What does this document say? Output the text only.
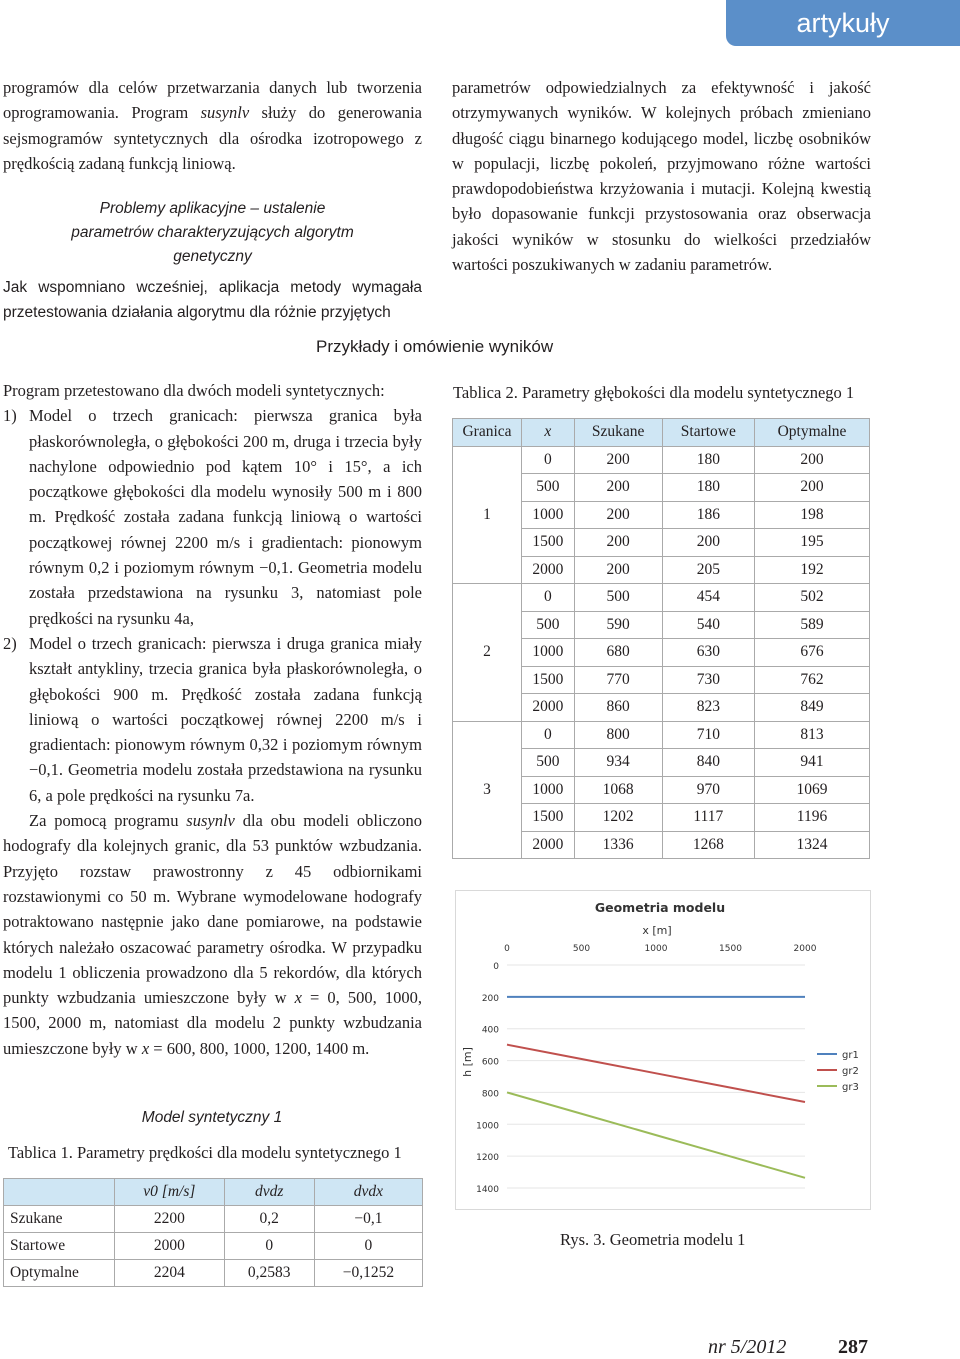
artykuły

programów dla celów przetwarzania danych lub tworzenia oprogramowania. Program susynlv służy do generowania sejsmogramów syntetycznych dla ośrodka izotropowego z prędkością zadaną funkcją liniową.

Problemy aplikacyjne – ustalenie parametrów charakteryzujących algorytm genetyczny

Jak wspomniano wcześniej, aplikacja metody wymagała przetestowania działania algorytmu dla różnie przyjętych

parametrów odpowiedzialnych za efektywność i jakość otrzymywanych wyników. W kolejnych próbach zmieniano długość ciągu binarnego kodującego model, liczbę osobników w populacji, liczbę pokoleń, przyjmowano różne wartości prawdopodobieństwa krzyżowania i mutacji. Kolejną kwestią było dopasowanie funkcji przystosowania oraz obserwacja jakości wyników w stosunku do wielkości przedziałów wartości poszukiwanych w zadaniu parametrów.

Przykłady i omówienie wyników

Program przetestowano dla dwóch modeli syntetycznych:

1) Model o trzech granicach: pierwsza granica była płaskorównoległa, o głębokości 200 m, druga i trzecia były nachylone odpowiednio pod kątem 10° i 15°, a ich początkowe głębokości dla modelu wynosiły 500 m i 800 m. Prędkość została zadana funkcją liniową o wartości początkowej równej 2200 m/s i gradientach: pionowym równym 0,2 i poziomym równym −0,1. Geometria modelu została przedstawiona na rysunku 3, natomiast pole prędkości na rysunku 4a,
2) Model o trzech granicach: pierwsza i druga granica miały kształt antykliny, trzecia granica była płaskorównoległa, o głębokości 900 m. Prędkość została zadana funkcją liniową o wartości początkowej równej 2200 m/s i gradientach: pionowym równym 0,32 i poziomym równym −0,1. Geometria modelu została przedstawiona na rysunku 6, a pole prędkości na rysunku 7a.

Za pomocą programu susynlv dla obu modeli obliczono hodografy dla kolejnych granic, dla 53 punktów wzbudzania. Przyjęto rozstaw prawostronny z 45 odbiornikami rozstawionymi co 50 m. Wybrane wymodelowane hodografy potraktowano następnie jako dane pomiarowe, na podstawie których należało oszacować parametry ośrodka. W przypadku modelu 1 obliczenia prowadzono dla 5 rekordów, dla których punkty wzbudzania umieszczone były w x = 0, 500, 1000, 1500, 2000 m, natomiast dla modelu 2 punkty wzbudzania umieszczone były w x = 600, 800, 1000, 1200, 1400 m.

Model syntetyczny 1
Tablica 1. Parametry prędkości dla modelu syntetycznego 1
	v0 [m/s]	dvdz	dvdx
Szukane	2200	0,2	−0,1
Startowe	2000	0	0
Optymalne	2204	0,2583	−0,1252
Tablica 2. Parametry głębokości dla modelu syntetycznego 1
Granica	x	Szukane	Startowe	Optymalne
1	0	200	180	200
	500	200	180	200
	1000	200	186	198
	1500	200	200	195
	2000	200	205	192
2	0	500	454	502
	500	590	540	589
	1000	680	630	676
	1500	770	730	762
	2000	860	823	849
3	0	800	710	813
	500	934	840	941
	1000	1068	970	1069
	1500	1202	1117	1196
	2000	1336	1268	1324
Geometria modelu
x [m]
h [m]
0
200
400
600
800
1000
1200
1400
0	500	1000	1500	2000
gr1
gr2
gr3
Rys. 3. Geometria modelu 1
nr 5/2012	287
